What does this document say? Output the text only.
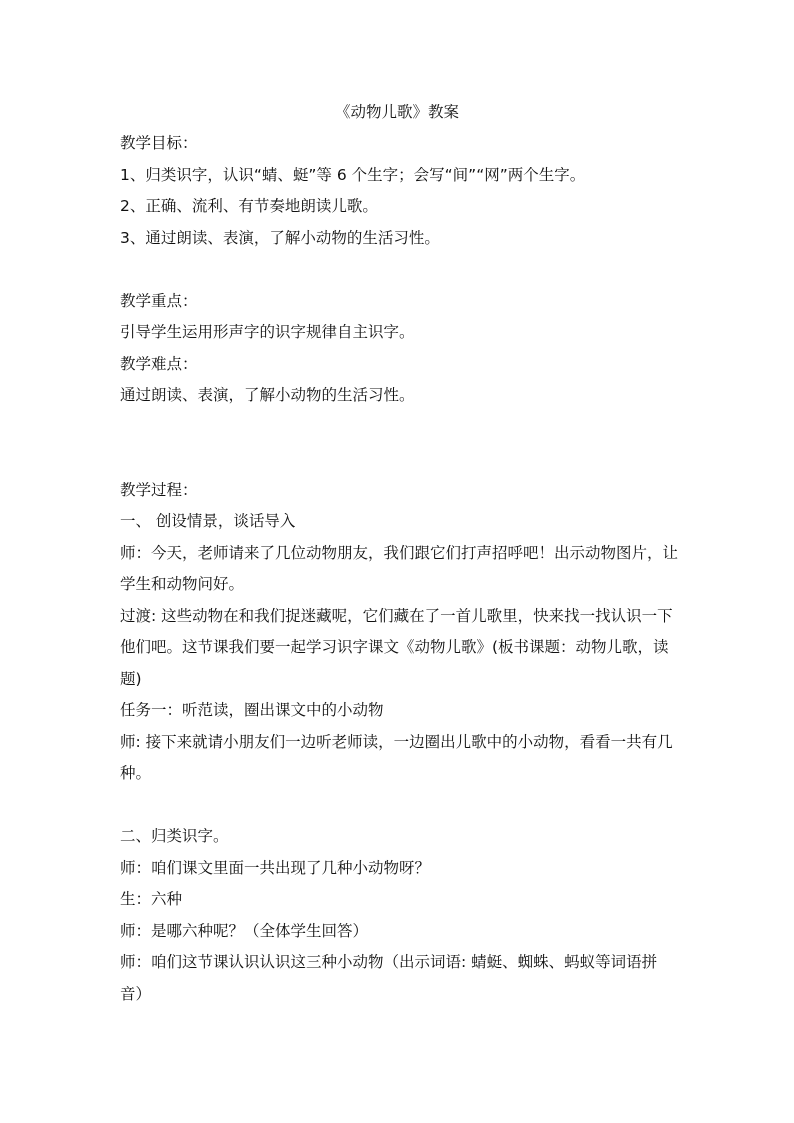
《动物儿歌》教案

教学目标：

1、归类识字，认识“蜻、蜓”等 6 个生字；会写“间”“网”两个生字。

2、正确、流利、有节奏地朗读儿歌。

3、通过朗读、表演，了解小动物的生活习性。

教学重点：

引导学生运用形声字的识字规律自主识字。

教学难点：

通过朗读、表演，了解小动物的生活习性。

教学过程：

一、 创设情景，谈话导入

师：今天，老师请来了几位动物朋友，我们跟它们打声招呼吧！出示动物图片，让学生和动物问好。

过渡: 这些动物在和我们捉迷藏呢，它们藏在了一首儿歌里，快来找一找认识一下他们吧。这节课我们要一起学习识字课文《动物儿歌》(板书课题：动物儿歌，读题)

任务一：听范读，圈出课文中的小动物

师: 接下来就请小朋友们一边听老师读，一边圈出儿歌中的小动物，看看一共有几种。

二、归类识字。

师：咱们课文里面一共出现了几种小动物呀？

生：六种

师：是哪六种呢？（全体学生回答）

师：咱们这节课认识认识这三种小动物（出示词语: 蜻蜓、蜘蛛、蚂蚁等词语拼音）
